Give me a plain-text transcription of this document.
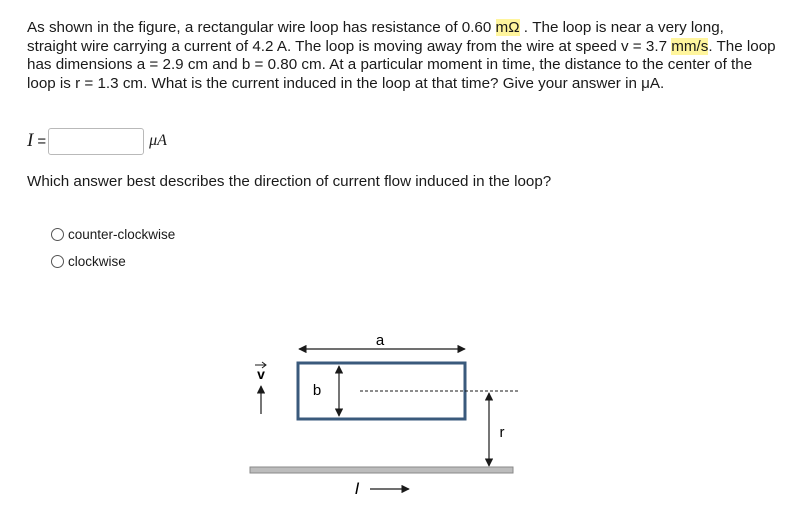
As shown in the figure, a rectangular wire loop has resistance of 0.60 mΩ . The loop is near a very long, straight wire carrying a current of 4.2 A. The loop is moving away from the wire at speed v = 3.7 mm/s. The loop has dimensions a = 2.9 cm and b = 0.80 cm. At a particular moment in time, the distance to the center of the loop is r = 1.3 cm. What is the current induced in the loop at that time? Give your answer in μA.
I =	μA
Which answer best describes the direction of current flow induced in the loop?
counter-clockwise
clockwise
a
b
r
v
I
